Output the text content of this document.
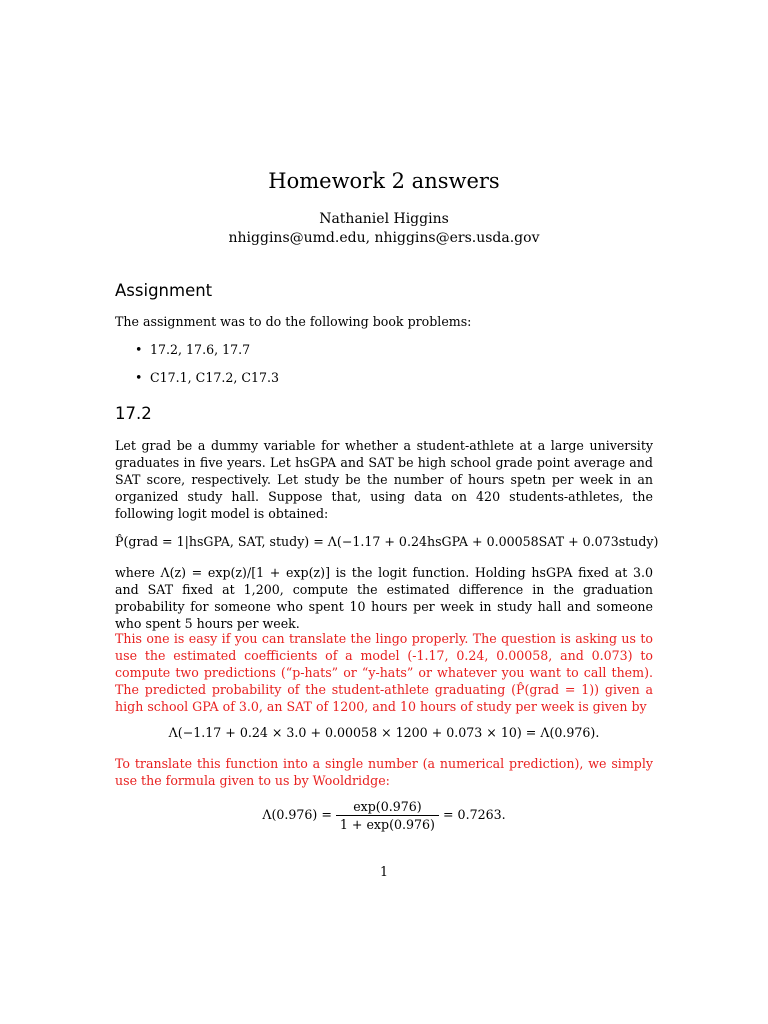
Homework 2 answers
Nathaniel Higgins
nhiggins@umd.edu, nhiggins@ers.usda.gov
Assignment
The assignment was to do the following book problems:
• 17.2, 17.6, 17.7
• C17.1, C17.2, C17.3
17.2
Let grad be a dummy variable for whether a student-athlete at a large university graduates in five years. Let hsGPA and SAT be high school grade point average and SAT score, respectively. Let study be the number of hours spetn per week in an organized study hall. Suppose that, using data on 420 students-athletes, the following logit model is obtained:
P̂(grad = 1|hsGPA, SAT, study) = Λ(−1.17 + 0.24hsGPA + 0.00058SAT + 0.073study)
where Λ(z) = exp(z)/[1 + exp(z)] is the logit function. Holding hsGPA fixed at 3.0 and SAT fixed at 1,200, compute the estimated difference in the graduation probability for someone who spent 10 hours per week in study hall and someone who spent 5 hours per week.
This one is easy if you can translate the lingo properly. The question is asking us to use the estimated coefficients of a model (-1.17, 0.24, 0.00058, and 0.073) to compute two predictions (“p-hats” or “y-hats” or whatever you want to call them). The predicted probability of the student-athlete graduating (P̂(grad = 1)) given a high school GPA of 3.0, an SAT of 1200, and 10 hours of study per week is given by
Λ(−1.17 + 0.24 × 3.0 + 0.00058 × 1200 + 0.073 × 10) = Λ(0.976).
To translate this function into a single number (a numerical prediction), we simply use the formula given to us by Wooldridge:
$\Lambda(0.976) = \frac{\exp(0.976)}{1 + \exp(0.976)} = 0.7263$.
1
